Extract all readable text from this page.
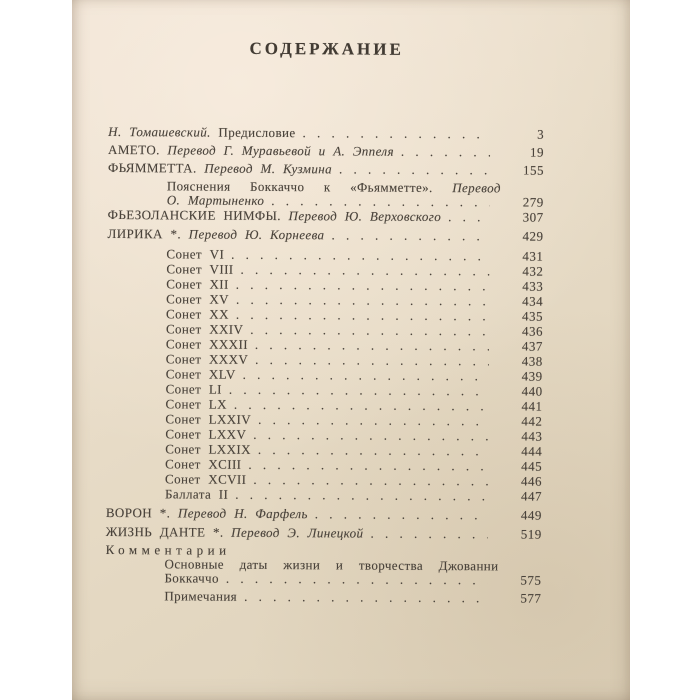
СОДЕРЖАНИЕ
Н. Томашевский. Предисловие . . .	3
АМЕТО. Перевод Г. Муравьевой и А. Эппеля . . .	19
ФЬЯММЕТТА. Перевод М. Кузмина . . .	155
Пояснения Боккаччо к «Фьямметте». Перевод
О. Мартыненко . . .	279
ФЬЕЗОЛАНСКИЕ НИМФЫ. Перевод Ю. Верховского . . .	307
ЛИРИКА *. Перевод Ю. Корнеева . . .	429
Сонет VI . . .	431
Сонет VIII . . .	432
Сонет XII . . .	433
Сонет XV . . .	434
Сонет XX . . .	435
Сонет XXIV . . .	436
Сонет XXXII . . .	437
Сонет XXXV . . .	438
Сонет XLV . . .	439
Сонет LI . . .	440
Сонет LX . . .	441
Сонет LXXIV . . .	442
Сонет LXXV . . .	443
Сонет LXXIX . . .	444
Сонет XCIII . . .	445
Сонет XCVII . . .	446
Баллата II . . .	447
ВОРОН *. Перевод Н. Фарфель . . .	449
ЖИЗНЬ ДАНТЕ *. Перевод Э. Линецкой . . .	519
Комментарии
Основные даты жизни и творчества Джованни
Боккаччо . . .	575
Примечания . . .	577
